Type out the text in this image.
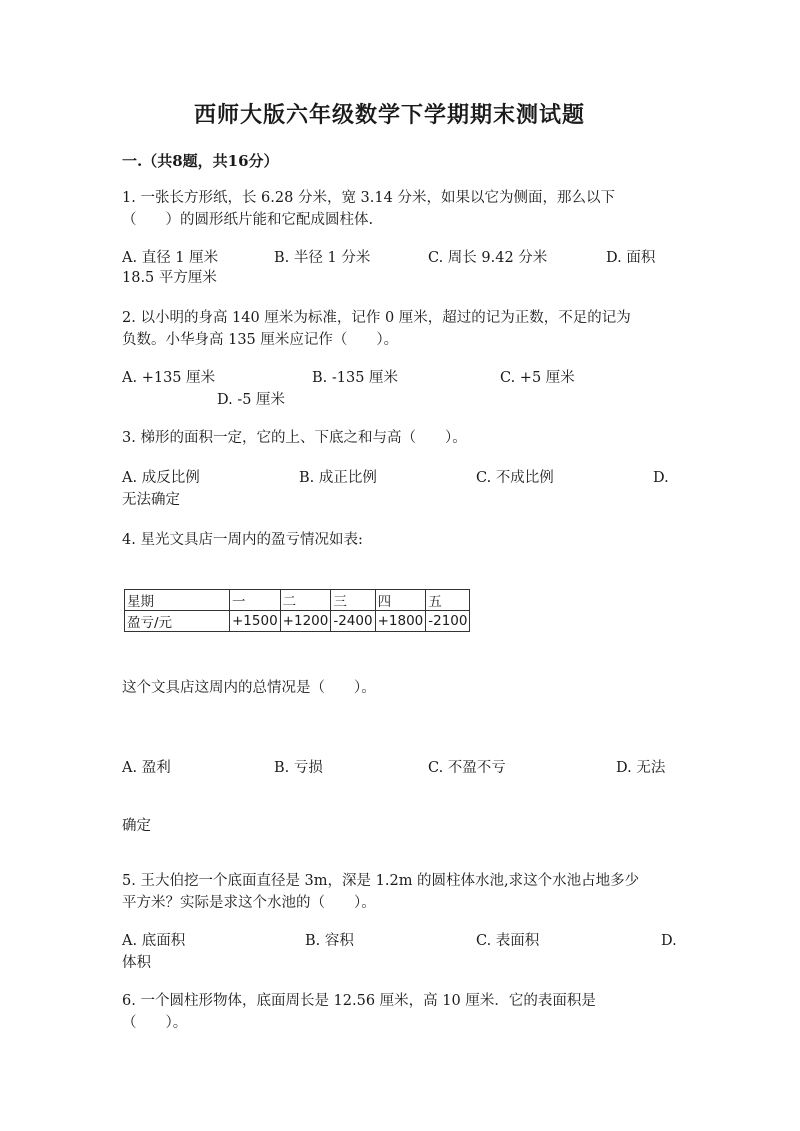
西师大版六年级数学下学期期末测试题
一.（共8题，共16分）
1. 一张长方形纸，长 6.28 分米，宽 3.14 分米，如果以它为侧面，那么以下
（　　）的圆形纸片能和它配成圆柱体.
A. 直径 1 厘米	B. 半径 1 分米	C. 周长 9.42 分米	D. 面积
18.5 平方厘米
2. 以小明的身高 140 厘米为标准，记作 0 厘米，超过的记为正数，不足的记为
负数。小华身高 135 厘米应记作（　　）。
A. +135 厘米	B. -135 厘米	C. +5 厘米
D. -5 厘米
3. 梯形的面积一定，它的上、下底之和与高（　　）。
A. 成反比例	B. 成正比例	C. 不成比例	D.
无法确定
4. 星光文具店一周内的盈亏情况如表:
星期	一	二	三	四	五
盈亏/元	+1500	+1200	-2400	+1800	-2100
这个文具店这周内的总情况是（　　）。
A. 盈利	B. 亏损	C. 不盈不亏	D. 无法
确定
5. 王大伯挖一个底面直径是 3m，深是 1.2m 的圆柱体水池,求这个水池占地多少
平方米？实际是求这个水池的（　　）。
A. 底面积	B. 容积	C. 表面积	D.
体积
6. 一个圆柱形物体，底面周长是 12.56 厘米，高 10 厘米．它的表面积是
（　　）。
